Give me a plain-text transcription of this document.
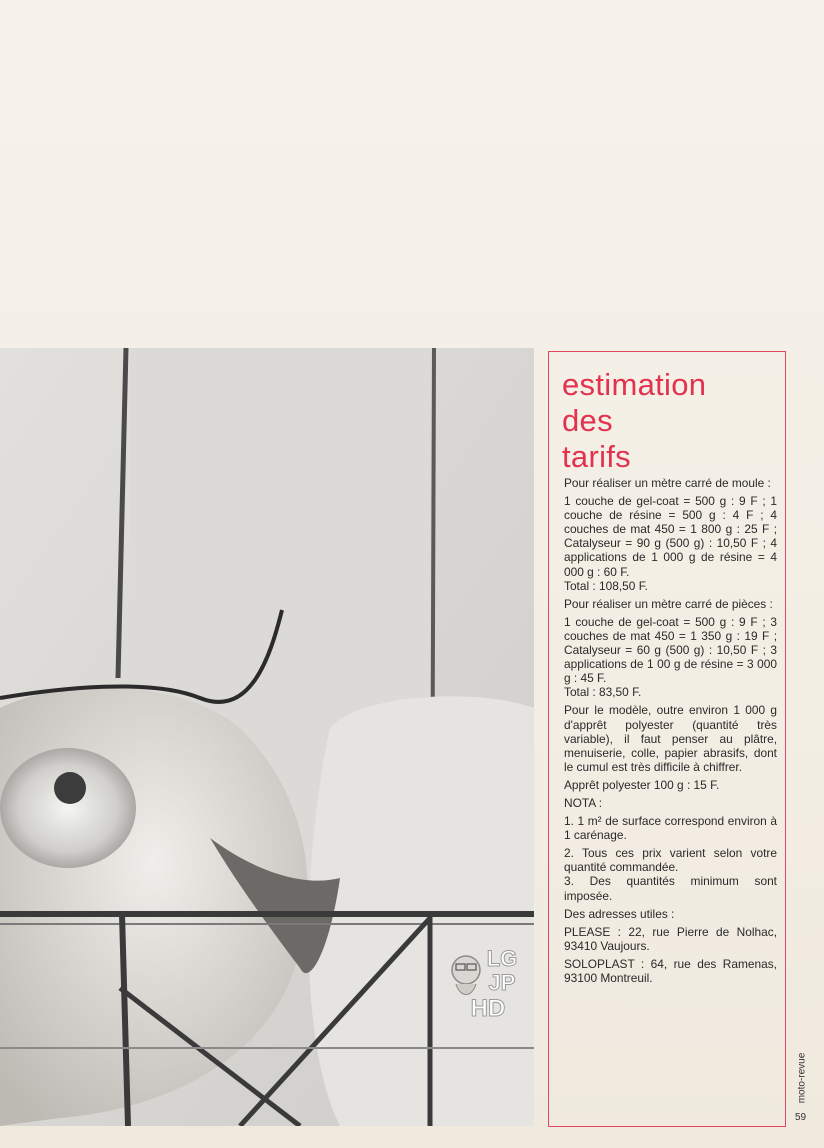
LG
JP
HD
estimation
des
tarifs

Pour réaliser un mètre carré de moule :

1 couche de gel-coat = 500 g : 9 F ; 1 couche de résine = 500 g : 4 F ; 4 couches de mat 450 = 1 800 g : 25 F ; Catalyseur = 90 g (500 g) : 10,50 F ; 4 applications de 1 000 g de résine = 4 000 g : 60 F.

Total : 108,50 F.

Pour réaliser un mètre carré de pièces :

1 couche de gel-coat = 500 g : 9 F ; 3 couches de mat 450 = 1 350 g : 19 F ; Catalyseur = 60 g (500 g) : 10,50 F ; 3 applications de 1 00 g de résine = 3 000 g : 45 F.

Total : 83,50 F.

Pour le modèle, outre environ 1 000 g d'apprêt polyester (quantité très variable), il faut penser au plâtre, menuiserie, colle, papier abrasifs, dont le cumul est très difficile à chiffrer.

Apprêt polyester 100 g : 15 F.

NOTA :

1. 1 m² de surface correspond environ à 1 carénage.

2. Tous ces prix varient selon votre quantité commandée.

3. Des quantités minimum sont imposée.

Des adresses utiles :

PLEASE : 22, rue Pierre de Nolhac, 93410 Vaujours.

SOLOPLAST : 64, rue des Ramenas, 93100 Montreuil.

moto-revue
59
